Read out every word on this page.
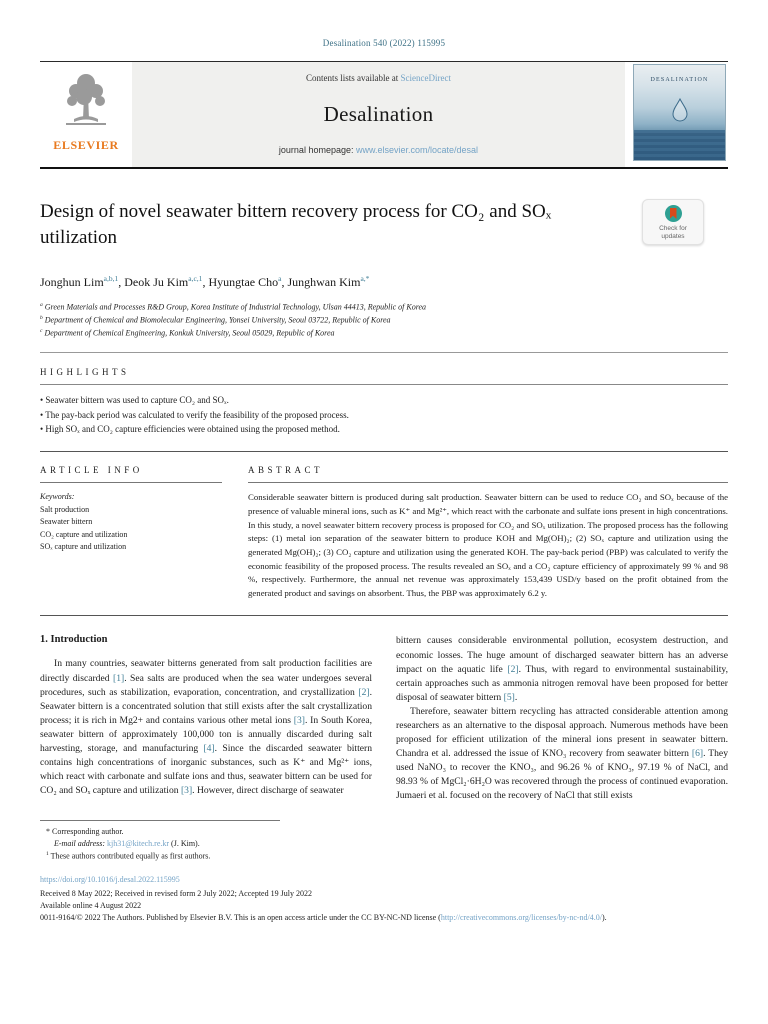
Desalination 540 (2022) 115995
ELSEVIER
Contents lists available at ScienceDirect
Desalination
journal homepage: www.elsevier.com/locate/desal
DESALINATION
Design of novel seawater bittern recovery process for CO₂ and SOₓ utilization	Check for
updates
Jonghun Lim$^{a,b,1}$ , Deok Ju Kim$^{a,c,1}$ , Hyungtae Cho$^a$ , Junghwan Kim$^{a,*}$
$^a$ Green Materials and Processes R&D Group, Korea Institute of Industrial Technology, Ulsan 44413, Republic of Korea
$^b$ Department of Chemical and Biomolecular Engineering, Yonsei University, Seoul 03722, Republic of Korea
$^c$ Department of Chemical Engineering, Konkuk University, Seoul 05029, Republic of Korea
HIGHLIGHTS
• Seawater bittern was used to capture CO₂ and SOₓ.
• The pay-back period was calculated to verify the feasibility of the proposed process.
• High SOₓ and CO₂ capture efficiencies were obtained using the proposed method.
ARTICLE INFO
Keywords:
Salt production
Seawater bittern
CO₂ capture and utilization
SOₓ capture and utilization
ABSTRACT
Considerable seawater bittern is produced during salt production. Seawater bittern can be used to reduce CO₂ and SOₓ because of the presence of valuable mineral ions, such as K⁺ and Mg²⁺, which react with the carbonate and sulfate ions present in high concentrations. In this study, a novel seawater bittern recovery process is proposed for CO₂ and SOₓ utilization. The proposed process has the following steps: (1) metal ion separation of the seawater bittern to produce KOH and Mg(OH)₂; (2) SOₓ capture and utilization using the generated Mg(OH)₂; (3) CO₂ capture and utilization using the generated KOH. The pay-back period (PBP) was calculated to verify the economic feasibility of the proposed process. The results revealed an SOₓ and a CO₂ capture efficiency of approximately 99 % and 98 %, respectively. Furthermore, the annual net revenue was approximately 153,439 USD/y based on the profit obtained from the generated product and savings on absorbent. Thus, the PBP was approximately 6.2 y.
1. Introduction

In many countries, seawater bitterns generated from salt production facilities are directly discarded [1]. Sea salts are produced when the sea water undergoes several procedures, such as stabilization, evaporation, concentration, and crystallization [2]. Seawater bittern is a concentrated solution that still exists after the salt crystallization process; it is rich in Mg2+ and contains various other metal ions [3]. In South Korea, seawater bittern of approximately 100,000 ton is annually discarded during salt harvesting, storage, and manufacturing [4]. Since the discarded seawater bittern contains high concentrations of inorganic substances, such as K⁺ and Mg²⁺ ions, which react with carbonate and sulfate ions and thus, seawater bittern can be used for CO₂ and SOₓ capture and utilization [3]. However, direct discharge of seawater

bittern causes considerable environmental pollution, ecosystem destruction, and economic losses. The huge amount of discharged seawater bittern has an adverse impact on the aquatic life [2]. Thus, with regard to environmental sustainability, certain approaches such as ammonia nitrogen removal have been proposed for better disposal of seawater bittern [5].

Therefore, seawater bittern recycling has attracted considerable attention among researchers as an alternative to the disposal approach. Numerous methods have been proposed for efficient utilization of the mineral ions present in seawater bittern. Chandra et al. addressed the issue of KNO₃ recovery from seawater bittern [6]. They used NaNO₃ to recover the KNO₃, and 96.26 % of KNO₃, 97.19 % of NaCl, and 98.93 % of MgCl₂·6H₂O was recovered through the process of continued evaporation. Jumaeri et al. focused on the recovery of NaCl that still exists

* Corresponding author.
E-mail address: kjh31@kitech.re.kr (J. Kim).
$^1$ These authors contributed equally as first authors.
https://doi.org/10.1016/j.desal.2022.115995
Received 8 May 2022; Received in revised form 2 July 2022; Accepted 19 July 2022
Available online 4 August 2022
0011-9164/© 2022 The Authors. Published by Elsevier B.V. This is an open access article under the CC BY-NC-ND license (http://creativecommons.org/licenses/by-nc-nd/4.0/).
